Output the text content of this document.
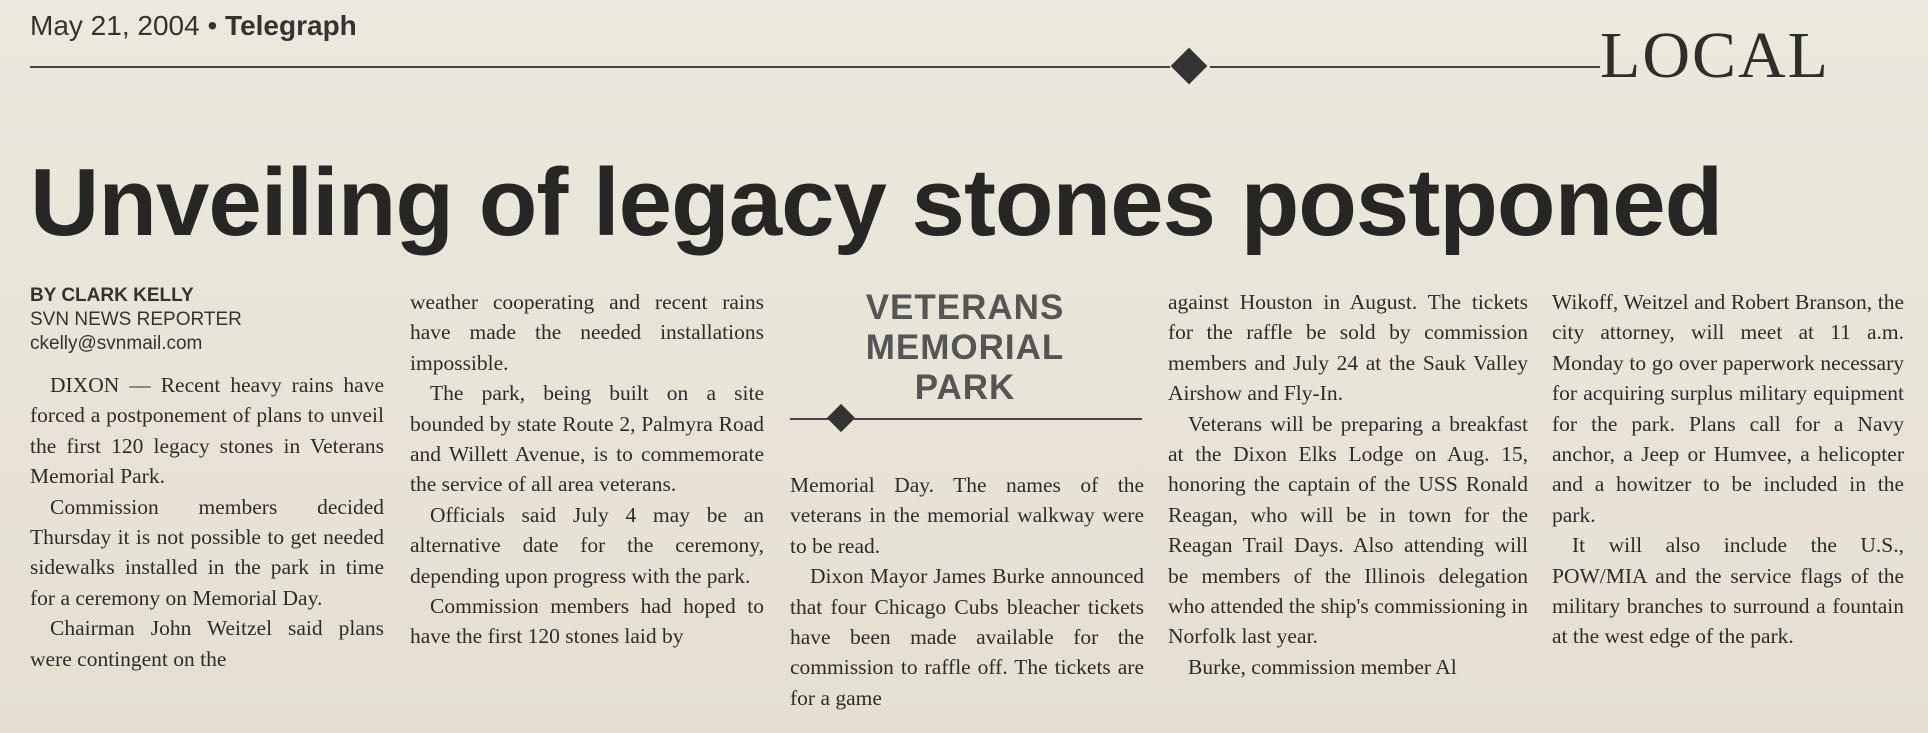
May 21, 2004 • Telegraph	LOCAL
Unveiling of legacy stones postponed
BY CLARK KELLY
SVN NEWS REPORTER
ckelly@svnmail.com

DIXON — Recent heavy rains have forced a postponement of plans to unveil the first 120 legacy stones in Veterans Memorial Park.

Commission members decided Thursday it is not possible to get needed sidewalks installed in the park in time for a ceremony on Memorial Day.

Chairman John Weitzel said plans were contingent on the

weather cooperating and recent rains have made the needed installations impossible.

The park, being built on a site bounded by state Route 2, Palmyra Road and Willett Avenue, is to commemorate the service of all area veterans.

Officials said July 4 may be an alternative date for the ceremony, depending upon progress with the park.

Commission members had hoped to have the first 120 stones laid by

VETERANS
MEMORIAL
PARK

Memorial Day. The names of the veterans in the memorial walkway were to be read.

Dixon Mayor James Burke announced that four Chicago Cubs bleacher tickets have been made available for the commission to raffle off. The tickets are for a game

against Houston in August. The tickets for the raffle be sold by commission members and July 24 at the Sauk Valley Airshow and Fly-In.

Veterans will be preparing a breakfast at the Dixon Elks Lodge on Aug. 15, honoring the captain of the USS Ronald Reagan, who will be in town for the Reagan Trail Days. Also attending will be members of the Illinois delegation who attended the ship's commissioning in Norfolk last year.

Burke, commission member Al

Wikoff, Weitzel and Robert Branson, the city attorney, will meet at 11 a.m. Monday to go over paperwork necessary for acquiring surplus military equipment for the park. Plans call for a Navy anchor, a Jeep or Humvee, a helicopter and a howitzer to be included in the park.

It will also include the U.S., POW/MIA and the service flags of the military branches to surround a fountain at the west edge of the park.
